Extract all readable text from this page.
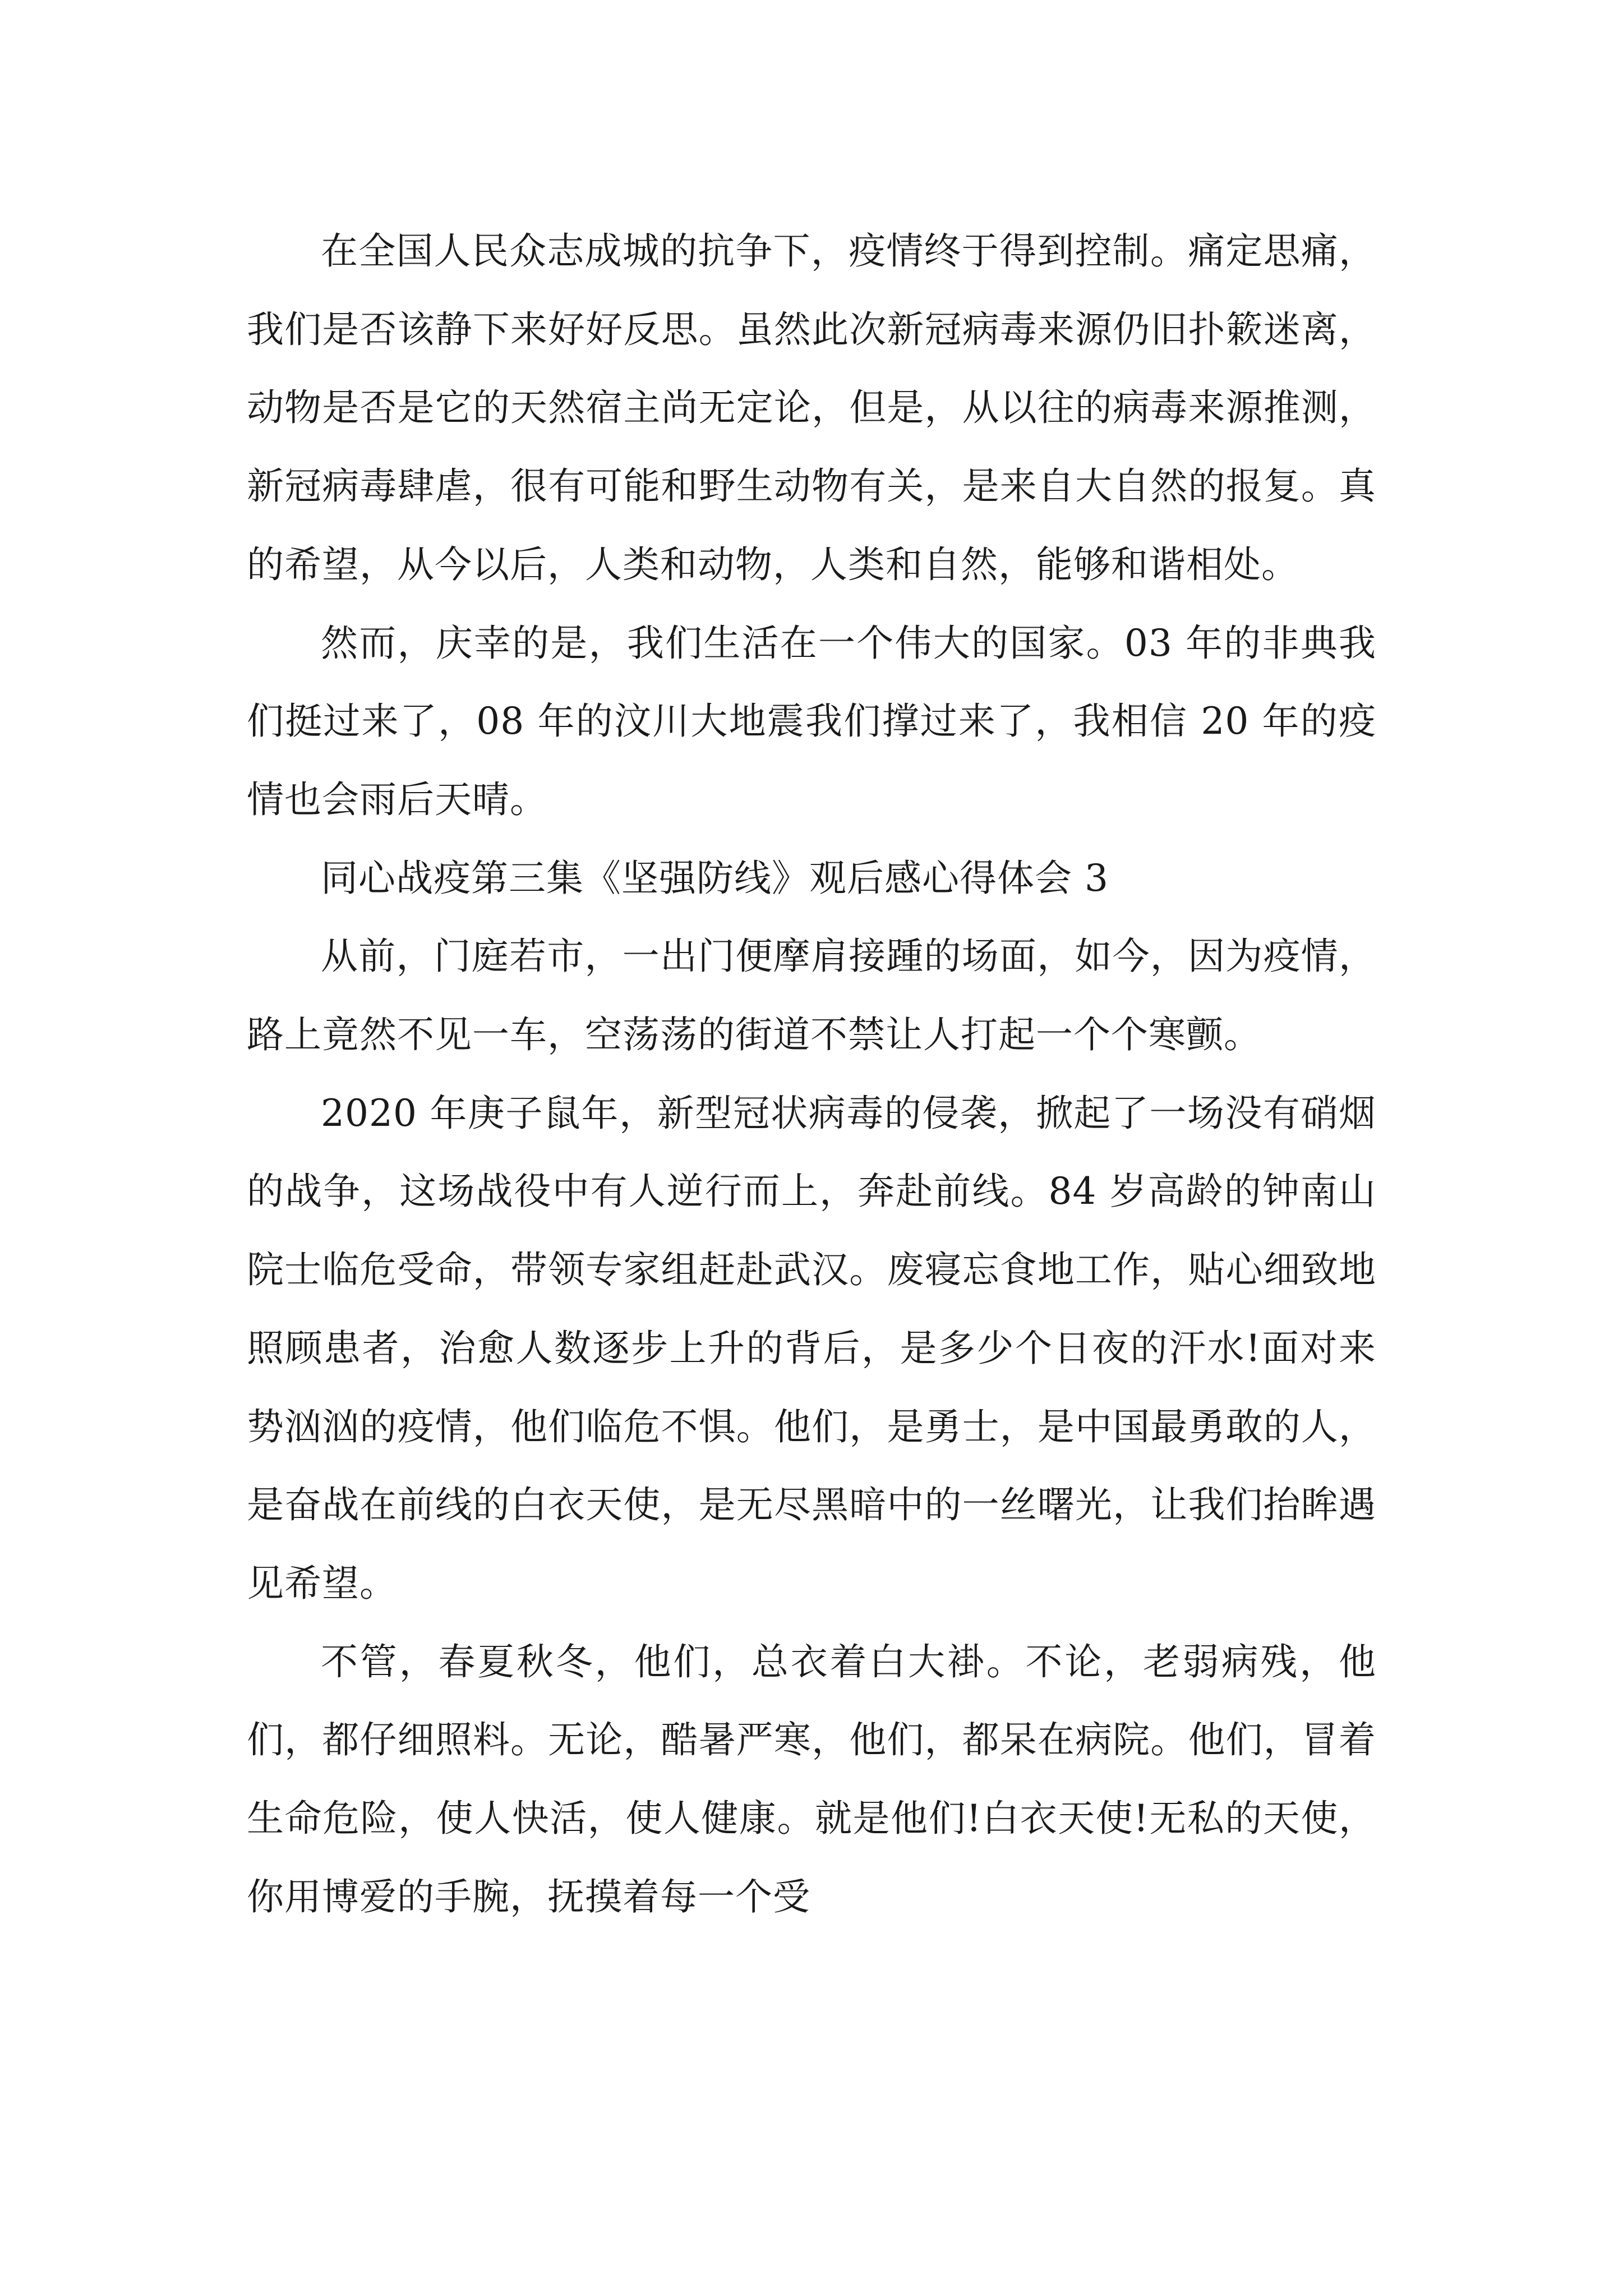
在全国人民众志成城的抗争下，疫情终于得到控制。痛定思痛，我们是否该静下来好好反思。虽然此次新冠病毒来源仍旧扑簌迷离，动物是否是它的天然宿主尚无定论，但是，从以往的病毒来源推测，新冠病毒肆虐，很有可能和野生动物有关，是来自大自然的报复。真的希望，从今以后，人类和动物，人类和自然，能够和谐相处。

然而，庆幸的是，我们生活在一个伟大的国家。03 年的非典我们挺过来了，08 年的汶川大地震我们撑过来了，我相信 20 年的疫情也会雨后天晴。

同心战疫第三集《坚强防线》观后感心得体会 3

从前，门庭若市，一出门便摩肩接踵的场面，如今，因为疫情，路上竟然不见一车，空荡荡的街道不禁让人打起一个个寒颤。

2020 年庚子鼠年，新型冠状病毒的侵袭，掀起了一场没有硝烟的战争，这场战役中有人逆行而上，奔赴前线。84 岁高龄的钟南山院士临危受命，带领专家组赶赴武汉。废寝忘食地工作，贴心细致地照顾患者，治愈人数逐步上升的背后，是多少个日夜的汗水!面对来势汹汹的疫情，他们临危不惧。他们，是勇士，是中国最勇敢的人，是奋战在前线的白衣天使，是无尽黑暗中的一丝曙光，让我们抬眸遇见希望。

不管，春夏秋冬，他们，总衣着白大褂。不论，老弱病残，他们，都仔细照料。无论，酷暑严寒，他们，都呆在病院。他们，冒着生命危险，使人快活，使人健康。就是他们!白衣天使!无私的天使，你用博爱的手腕，抚摸着每一个受
